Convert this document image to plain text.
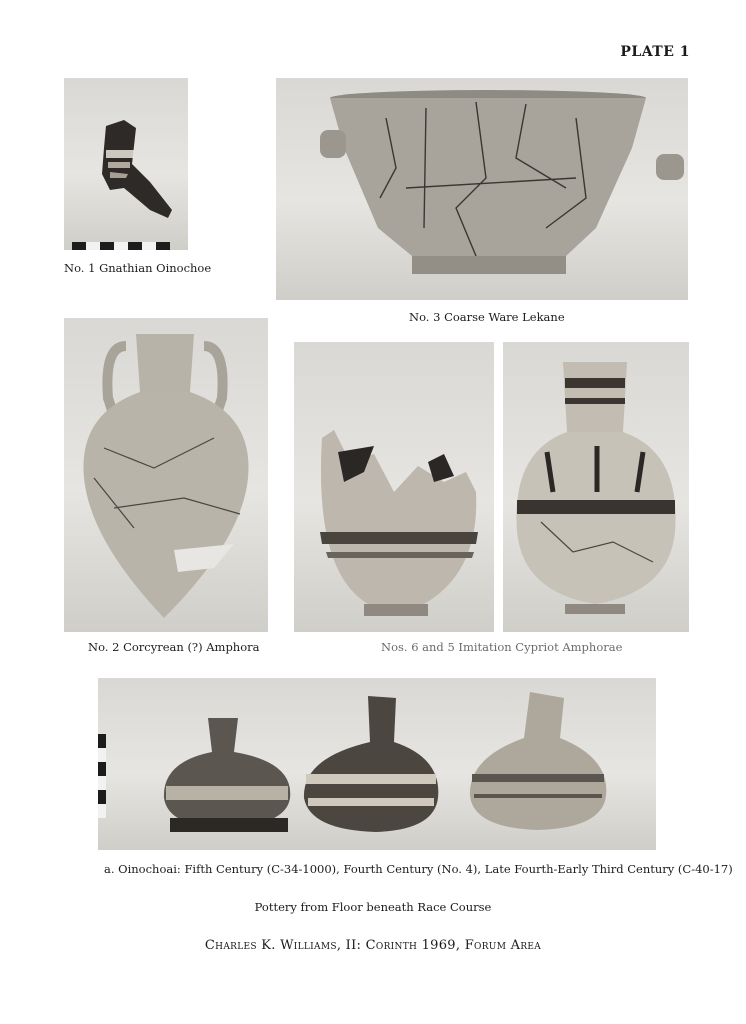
PLATE 1
No. 1 Gnathian Oinochoe
No. 3 Coarse Ware Lekane
No. 2 Corcyrean (?) Amphora	Nos. 6 and 5 Imitation Cypriot Amphorae
a. Oinochoai: Fifth Century (C-34-1000), Fourth Century (No. 4), Late Fourth-Early Third Century (C-40-17)
Pottery from Floor beneath Race Course
Charles K. Williams, II: Corinth 1969, Forum Area
